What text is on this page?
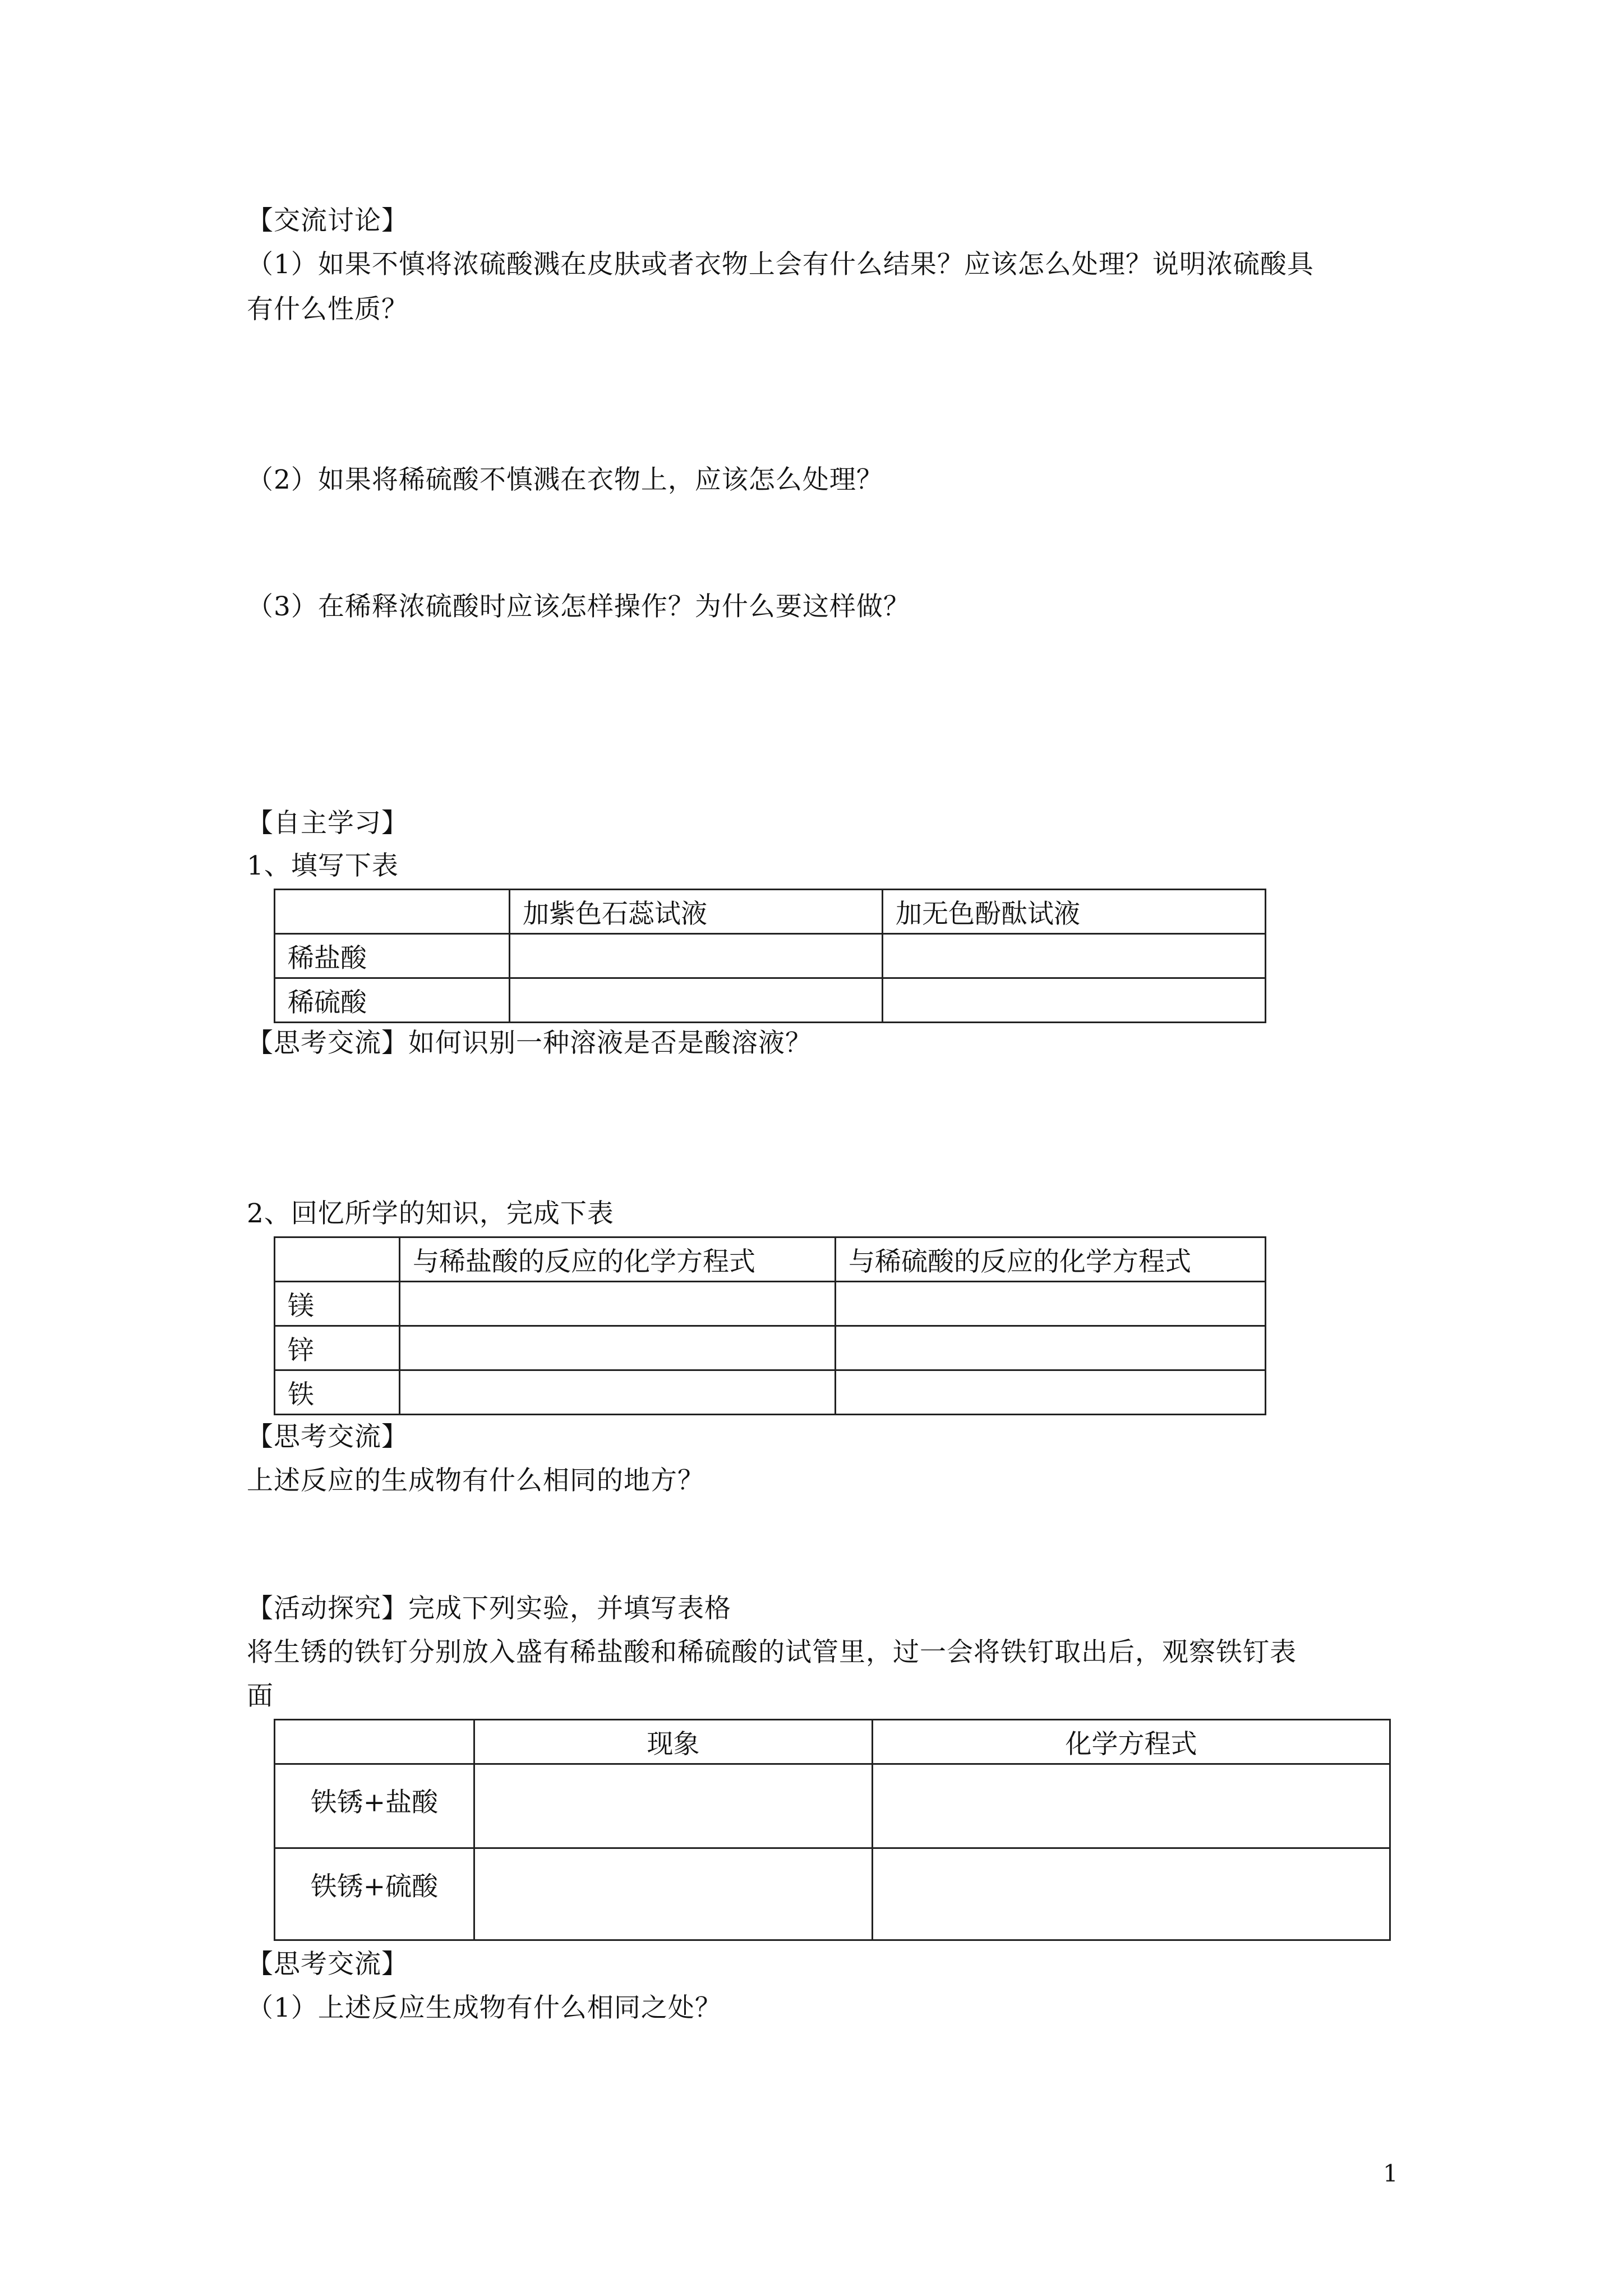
【交流讨论】
（1）如果不慎将浓硫酸溅在皮肤或者衣物上会有什么结果？应该怎么处理？说明浓硫酸具
有什么性质？
（2）如果将稀硫酸不慎溅在衣物上，应该怎么处理？
（3）在稀释浓硫酸时应该怎样操作？为什么要这样做？
【自主学习】
1、填写下表
	加紫色石蕊试液	加无色酚酞试液
稀盐酸		
稀硫酸		
【思考交流】如何识别一种溶液是否是酸溶液？
2、回忆所学的知识，完成下表
	与稀盐酸的反应的化学方程式	与稀硫酸的反应的化学方程式
镁		
锌		
铁		
【思考交流】
上述反应的生成物有什么相同的地方？
【活动探究】完成下列实验，并填写表格
将生锈的铁钉分别放入盛有稀盐酸和稀硫酸的试管里，过一会将铁钉取出后，观察铁钉表
面
	现象	化学方程式
铁锈+盐酸		
铁锈+硫酸		
【思考交流】
（1）上述反应生成物有什么相同之处？
1
